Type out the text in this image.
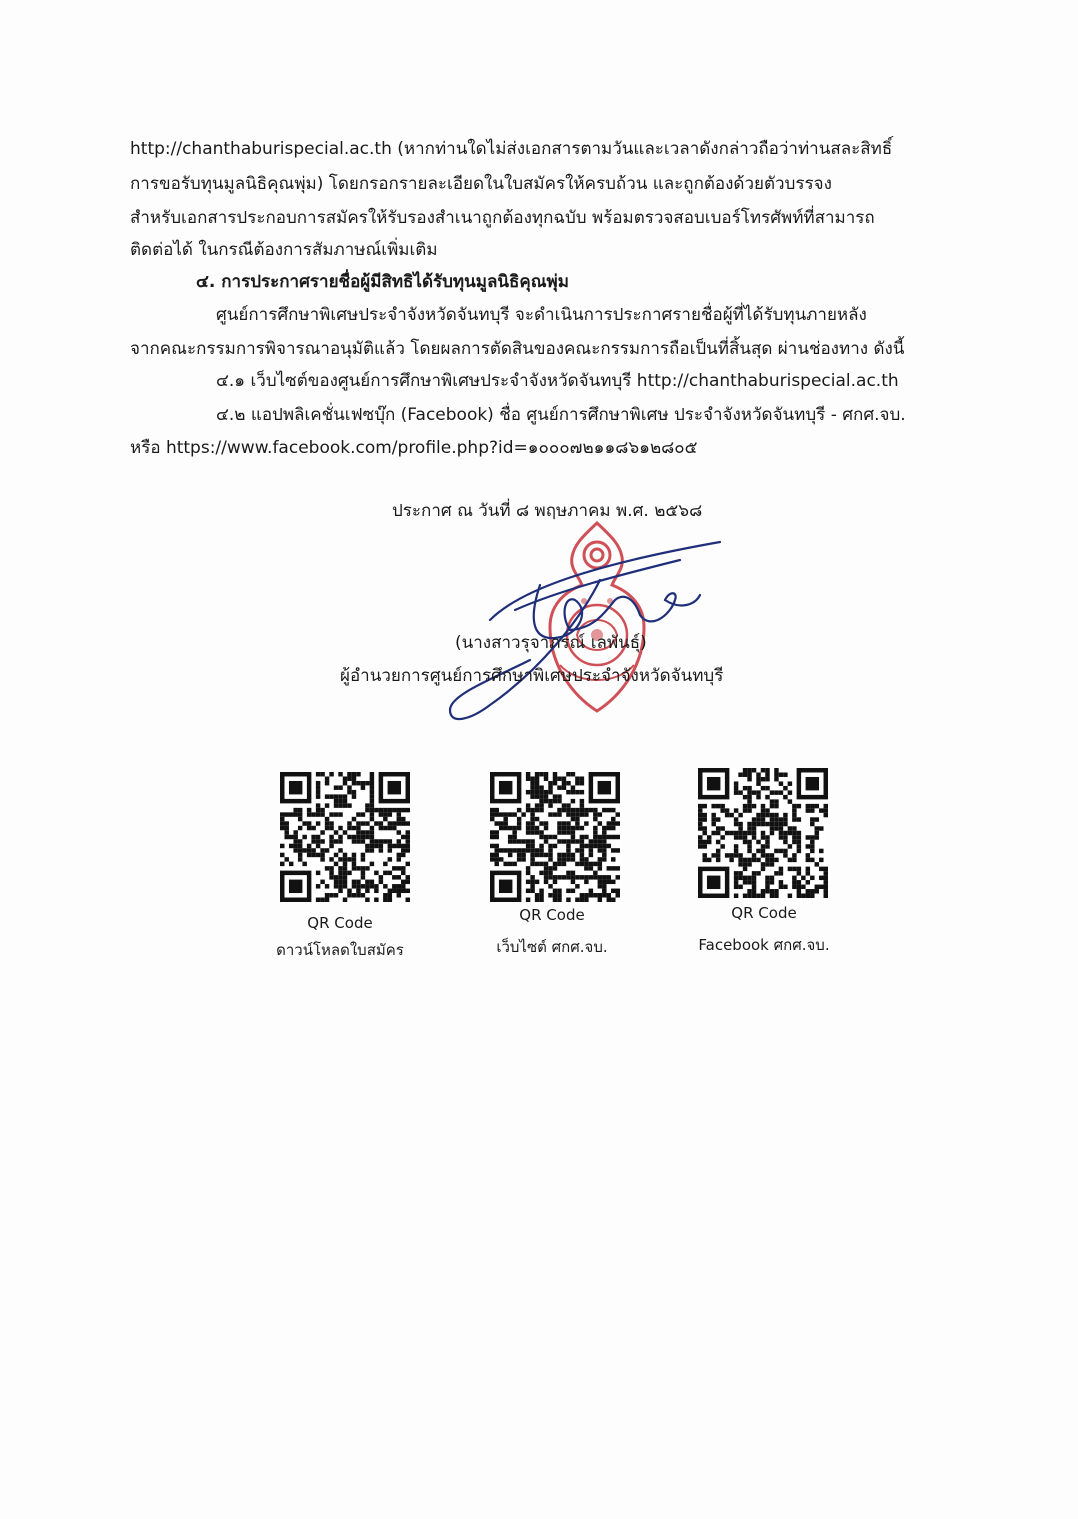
http://chanthaburispecial.ac.th (หากท่านใดไม่ส่งเอกสารตามวันและเวลาดังกล่าวถือว่าท่านสละสิทธิ์
การขอรับทุนมูลนิธิคุณพุ่ม) โดยกรอกรายละเอียดในใบสมัครให้ครบถ้วน และถูกต้องด้วยตัวบรรจง
สำหรับเอกสารประกอบการสมัครให้รับรองสำเนาถูกต้องทุกฉบับ พร้อมตรวจสอบเบอร์โทรศัพท์ที่สามารถ
ติดต่อได้ ในกรณีต้องการสัมภาษณ์เพิ่มเติม
๔. การประกาศรายชื่อผู้มีสิทธิได้รับทุนมูลนิธิคุณพุ่ม
ศูนย์การศึกษาพิเศษประจำจังหวัดจันทบุรี จะดำเนินการประกาศรายชื่อผู้ที่ได้รับทุนภายหลัง
จากคณะกรรมการพิจารณาอนุมัติแล้ว โดยผลการตัดสินของคณะกรรมการถือเป็นที่สิ้นสุด ผ่านช่องทาง ดังนี้
๔.๑ เว็บไซต์ของศูนย์การศึกษาพิเศษประจำจังหวัดจันทบุรี http://chanthaburispecial.ac.th
๔.๒ แอปพลิเคชั่นเฟซบุ๊ก (Facebook) ชื่อ ศูนย์การศึกษาพิเศษ ประจำจังหวัดจันทบุรี - ศกศ.จบ.
หรือ https://www.facebook.com/profile.php?id=๑๐๐๐๗๒๑๑๘๖๑๒๘๐๕
ประกาศ ณ วันที่ ๘ พฤษภาคม พ.ศ. ๒๕๖๘
(นางสาวรุจาภรณ์ เลพันธุ์)
ผู้อำนวยการศูนย์การศึกษาพิเศษประจำจังหวัดจันทบุรี
QR Code
ดาวน์โหลดใบสมัคร
QR Code
เว็บไซต์ ศกศ.จบ.
QR Code
Facebook ศกศ.จบ.
